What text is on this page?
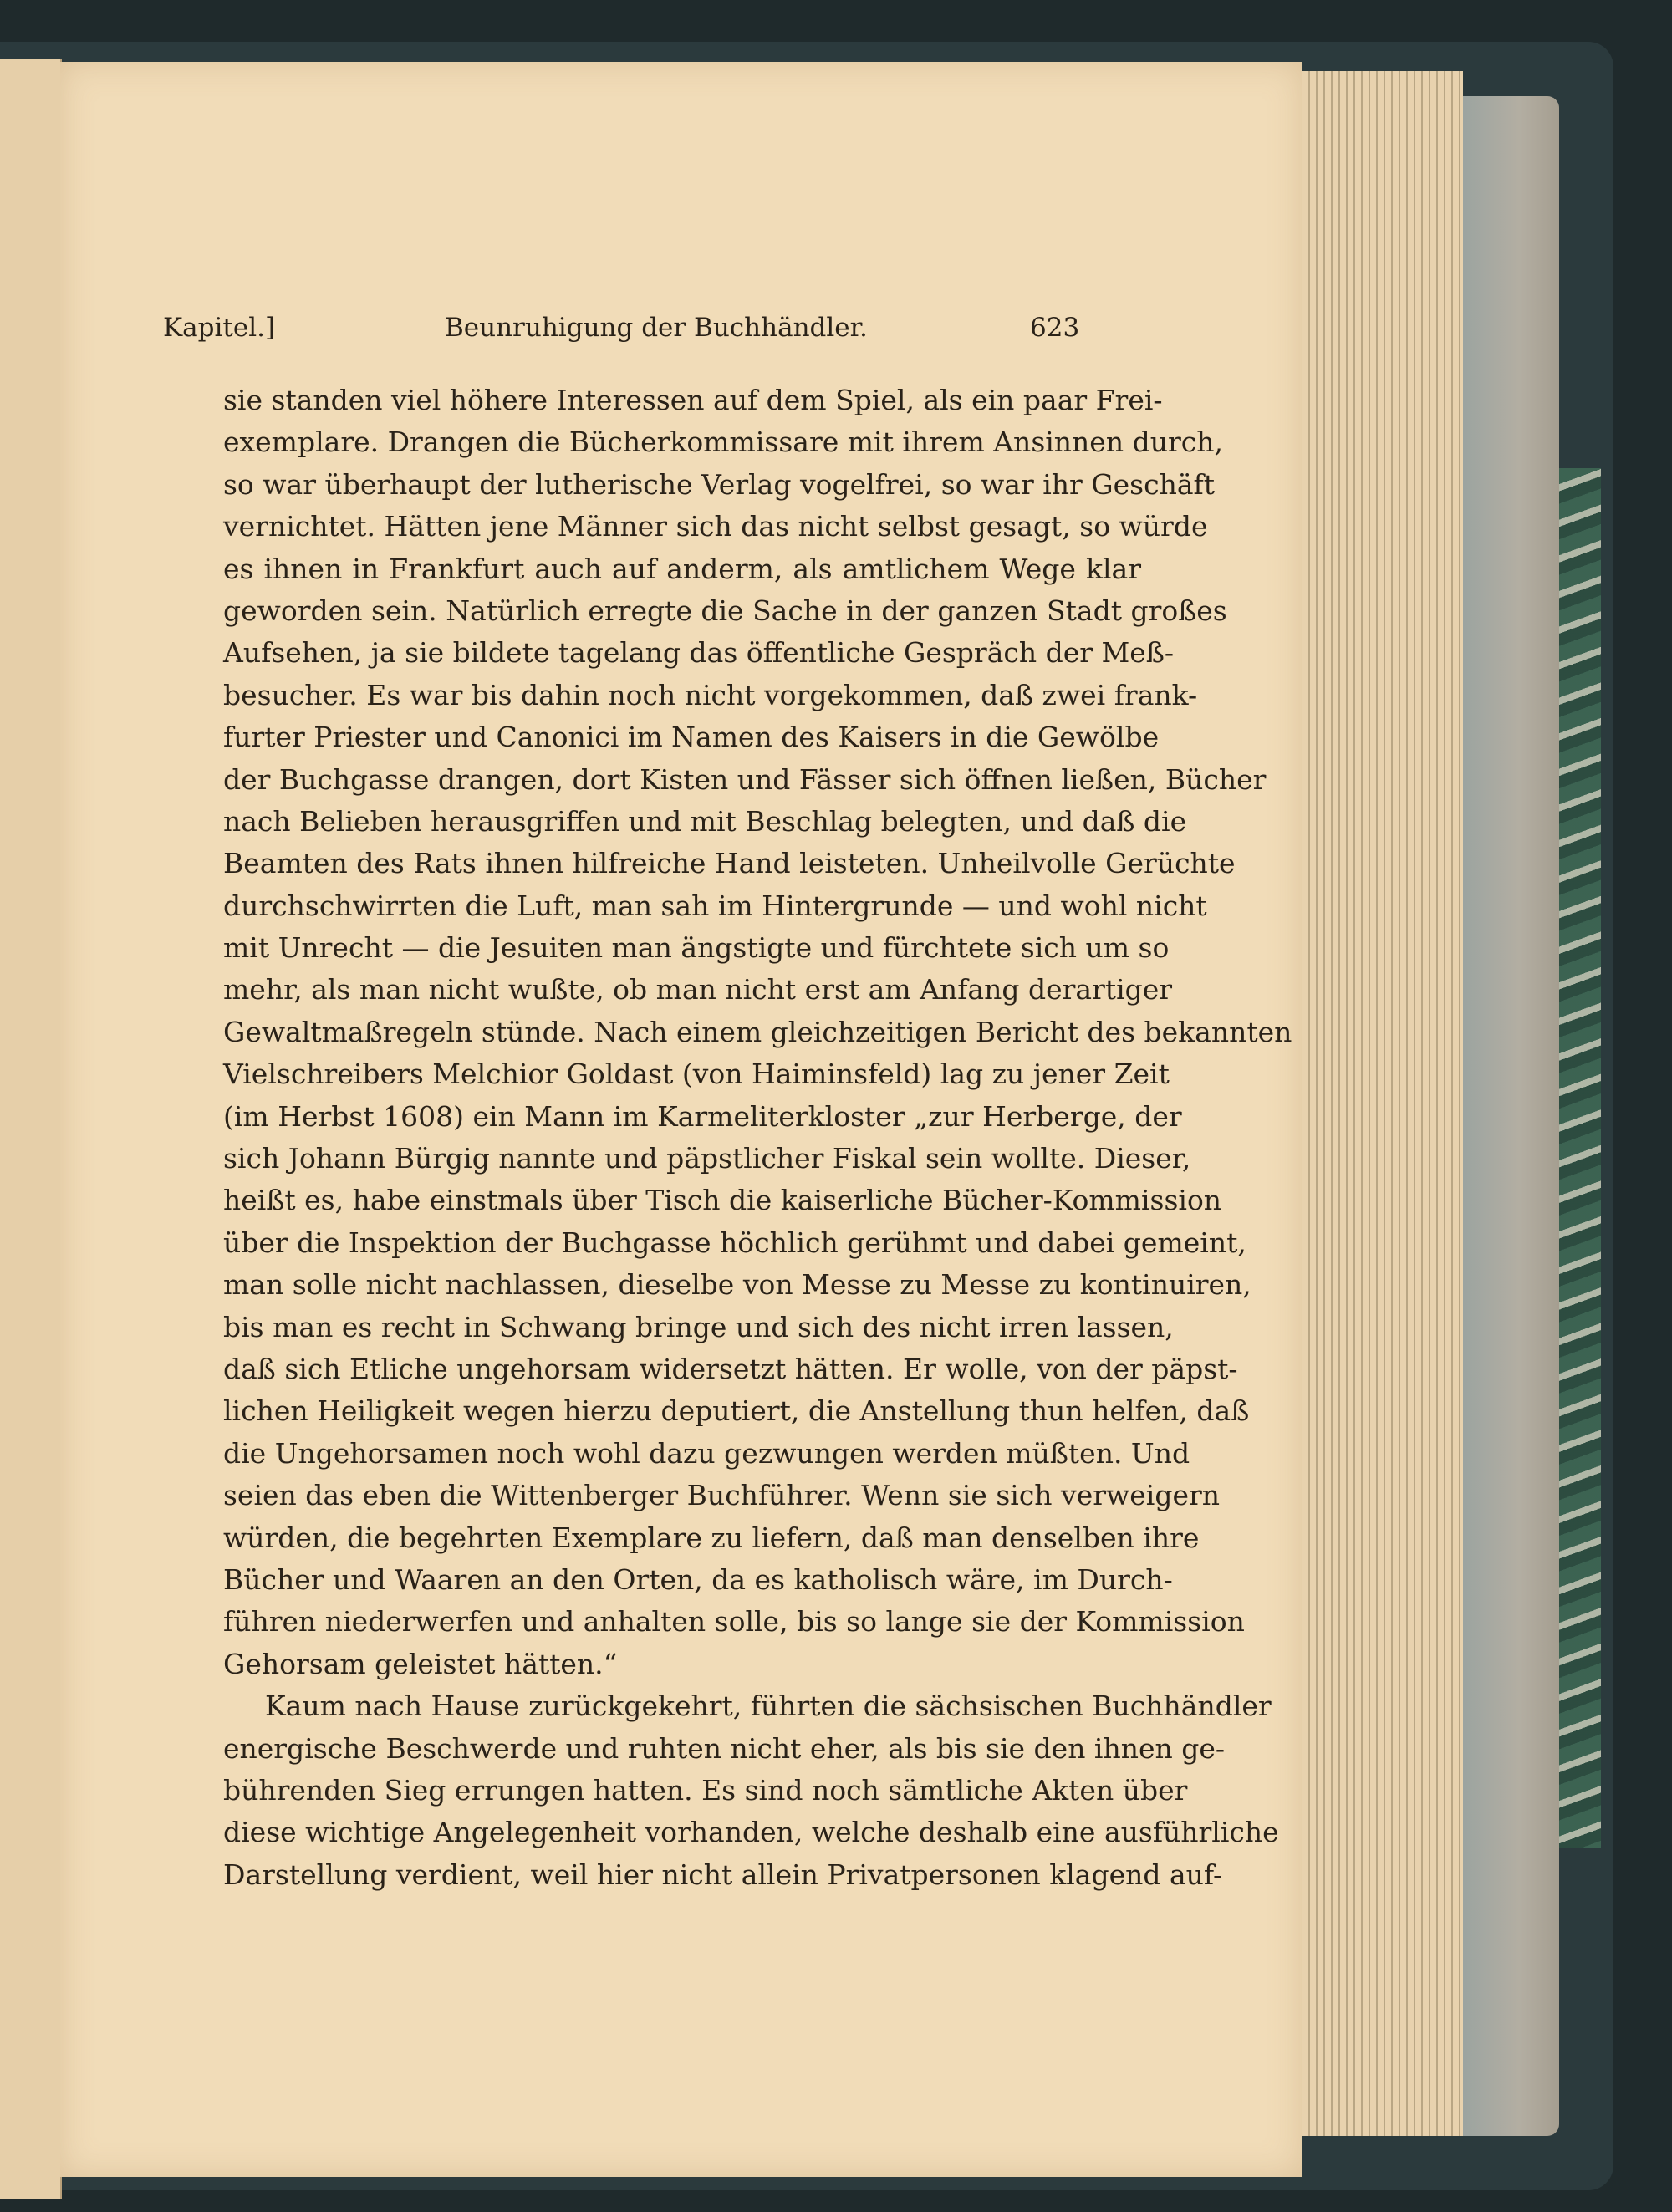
Kapitel.]	Beunruhigung der Buchhändler.	623
sie standen viel höhere Interessen auf dem Spiel, als ein paar Frei-
exemplare. Drangen die Bücherkommissare mit ihrem Ansinnen durch,
so war überhaupt der lutherische Verlag vogelfrei, so war ihr Geschäft
vernichtet. Hätten jene Männer sich das nicht selbst gesagt, so würde
es ihnen in Frankfurt auch auf anderm, als amtlichem Wege klar
geworden sein. Natürlich erregte die Sache in der ganzen Stadt großes
Aufsehen, ja sie bildete tagelang das öffentliche Gespräch der Meß-
besucher. Es war bis dahin noch nicht vorgekommen, daß zwei frank-
furter Priester und Canonici im Namen des Kaisers in die Gewölbe
der Buchgasse drangen, dort Kisten und Fässer sich öffnen ließen, Bücher
nach Belieben herausgriffen und mit Beschlag belegten, und daß die
Beamten des Rats ihnen hilfreiche Hand leisteten. Unheilvolle Gerüchte
durchschwirrten die Luft, man sah im Hintergrunde — und wohl nicht
mit Unrecht — die Jesuiten man ängstigte und fürchtete sich um so
mehr, als man nicht wußte, ob man nicht erst am Anfang derartiger
Gewaltmaßregeln stünde. Nach einem gleichzeitigen Bericht des bekannten
Vielschreibers Melchior Goldast (von Haiminsfeld) lag zu jener Zeit
(im Herbst 1608) ein Mann im Karmeliterkloster „zur Herberge, der
sich Johann Bürgig nannte und päpstlicher Fiskal sein wollte. Dieser,
heißt es, habe einstmals über Tisch die kaiserliche Bücher-Kommission
über die Inspektion der Buchgasse höchlich gerühmt und dabei gemeint,
man solle nicht nachlassen, dieselbe von Messe zu Messe zu kontinuiren,
bis man es recht in Schwang bringe und sich des nicht irren lassen,
daß sich Etliche ungehorsam widersetzt hätten. Er wolle, von der päpst-
lichen Heiligkeit wegen hierzu deputiert, die Anstellung thun helfen, daß
die Ungehorsamen noch wohl dazu gezwungen werden müßten. Und
seien das eben die Wittenberger Buchführer. Wenn sie sich verweigern
würden, die begehrten Exemplare zu liefern, daß man denselben ihre
Bücher und Waaren an den Orten, da es katholisch wäre, im Durch-
führen niederwerfen und anhalten solle, bis so lange sie der Kommission
Gehorsam geleistet hätten.“
Kaum nach Hause zurückgekehrt, führten die sächsischen Buchhändler
energische Beschwerde und ruhten nicht eher, als bis sie den ihnen ge-
bührenden Sieg errungen hatten. Es sind noch sämtliche Akten über
diese wichtige Angelegenheit vorhanden, welche deshalb eine ausführliche
Darstellung verdient, weil hier nicht allein Privatpersonen klagend auf-
